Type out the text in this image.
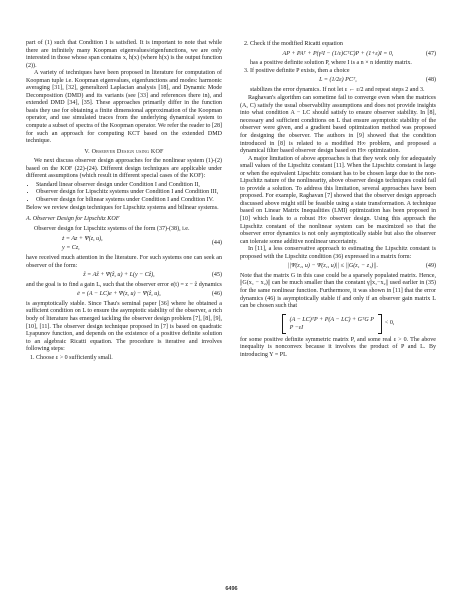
part of (1) such that Condition I is satisfied. It is important to note that while there are infinitely many Koopman eigenvalues/eigenfunctions, we are only interested in those whose span contains x, h(x) (where h(x) is the output function (2)).

A variety of techniques have been proposed in literature for computation of Koopman tuple i.e. Koopman eigenvalues, eigenfunctions and modes: harmonic averaging [31], [32], generalized Laplacian analysis [18], and Dynamic Mode Decomposition (DMD) and its variants (see [33] and references there in), and extended DMD [34], [35]. These approaches primarily differ in the function basis they use for obtaining a finite dimensional approximation of the Koopman operator, and use simulated traces from the underlying dynamical system to compute a subset of spectra of the Koopman operator. We refer the reader to [28] for such an approach for computing KCT based on the extended DMD technique.

V. Observer Design using KOF

We next discuss observer design approaches for the nonlinear system (1)-(2) based on the KOF (22)-(24). Different design techniques are applicable under different assumptions (which result in different special cases of the KOF):

• Standard linear observer design under Condition I and Condition II,
• Observer design for Lipschitz systems under Condition I and Condition III,
• Observer design for bilinear systems under Condition I and Condition IV.

Below we review design techniques for Lipschitz systems and bilinear systems.

A. Observer Design for Lipschitz KOF

Observer design for Lipschitz systems of the form (37)-(38), i.e.

ż = Az + Ψ(z, u),
y = Cz,
(44)

have received much attention in the literature. For such systems one can seek an observer of the form:

ẑ = Aẑ + Ψ(ẑ, u) + L(y − Cẑ),	(45)

and the goal is to find a gain L, such that the observer error e(t) = z − ẑ dynamics

ė = (A − LC)e + Ψ(z, u) − Ψ(ẑ, u),	(46)

is asymptotically stable. Since Thau's seminal paper [36] where he obtained a sufficient condition on L to ensure the asymptotic stability of the observer, a rich body of literature has emerged tackling the observer design problem [7], [8], [9], [10], [11]. The observer design technique proposed in [7] is based on quadratic Lyapunov function, and depends on the existence of a positive definite solution to an algebraic Ricatti equation. The procedure is iterative and involves following steps:

1. Choose ε > 0 sufficiently small.
2. Check if the modified Ricatti equation
AP + PAᵀ + P(γ²I − (1/ε)CᵀC)P + (1+ε)I = 0,	(47)
has a positive definite solution P, where I is a n × n identity matrix.
3. If positive definite P exists, then a choice
L = (1/2ε) PCᵀ,	(48)
stabilizes the error dynamics. If not let ε ← ε/2 and repeat steps 2 and 3.

Raghavan's algorithm can sometime fail to converge even when the matrices (A, C) satisfy the usual observability assumptions and does not provide insights into what condition A − LC should satisfy to ensure observer stability. In [8], necessary and sufficient conditions on L that ensure asymptotic stability of the observer were given, and a gradient based optimization method was proposed for designing the observer. The authors in [9] showed that the condition introduced in [8] is related to a modified H∞ problem, and proposed a dynamical filter based observer design based on H∞ optimization.

A major limitation of above approaches is that they work only for adequately small values of the Lipschitz constant [11]. When the Lipschitz constant is large or when the equivalent Lipschitz constant has to be chosen large due to the non-Lipschitz nature of the nonlinearity, above observer design techniques could fail to provide a solution. To address this limitation, several approaches have been proposed. For example, Raghavan [7] showed that the observer design approach discussed above might still be feasible using a state transformation. A technique based on Linear Matrix Inequalities (LMI) optimization has been proposed in [10] which leads to a robust H∞ observer design. Using this approach the Lipschitz constant of the nonlinear system can be maximized so that the observer error dynamics is not only asymptotically stable but also the observer can tolerate some additive nonlinear uncertainty.

In [11], a less conservative approach to estimating the Lipschitz constant is proposed with the Lipschitz condition (36) expressed in a matrix form:

||Ψ(z₁, u) − Ψ(z₁, u)|| ≤ ||G(z₁ − z₁)||.	(49)

Note that the matrix G in this case could be a sparsely populated matrix. Hence, ||G(x₁ − x₂)|| can be much smaller than the constant γ||x₁−x₂|| used earlier in (35) for the same nonlinear function. Furthermore, it was shown in [11] that the error dynamics (46) is asymptotically stable if and only if an observer gain matrix L can be chosen such that

(A − LC)ᵀP + P(A − LC) + GᵀG P
P −εI
< 0,

for some positive definite symmetric matrix P, and some real ε > 0. The above inequality is nonconvex because it involves the product of P and L. By introducing Y = PL

6496
